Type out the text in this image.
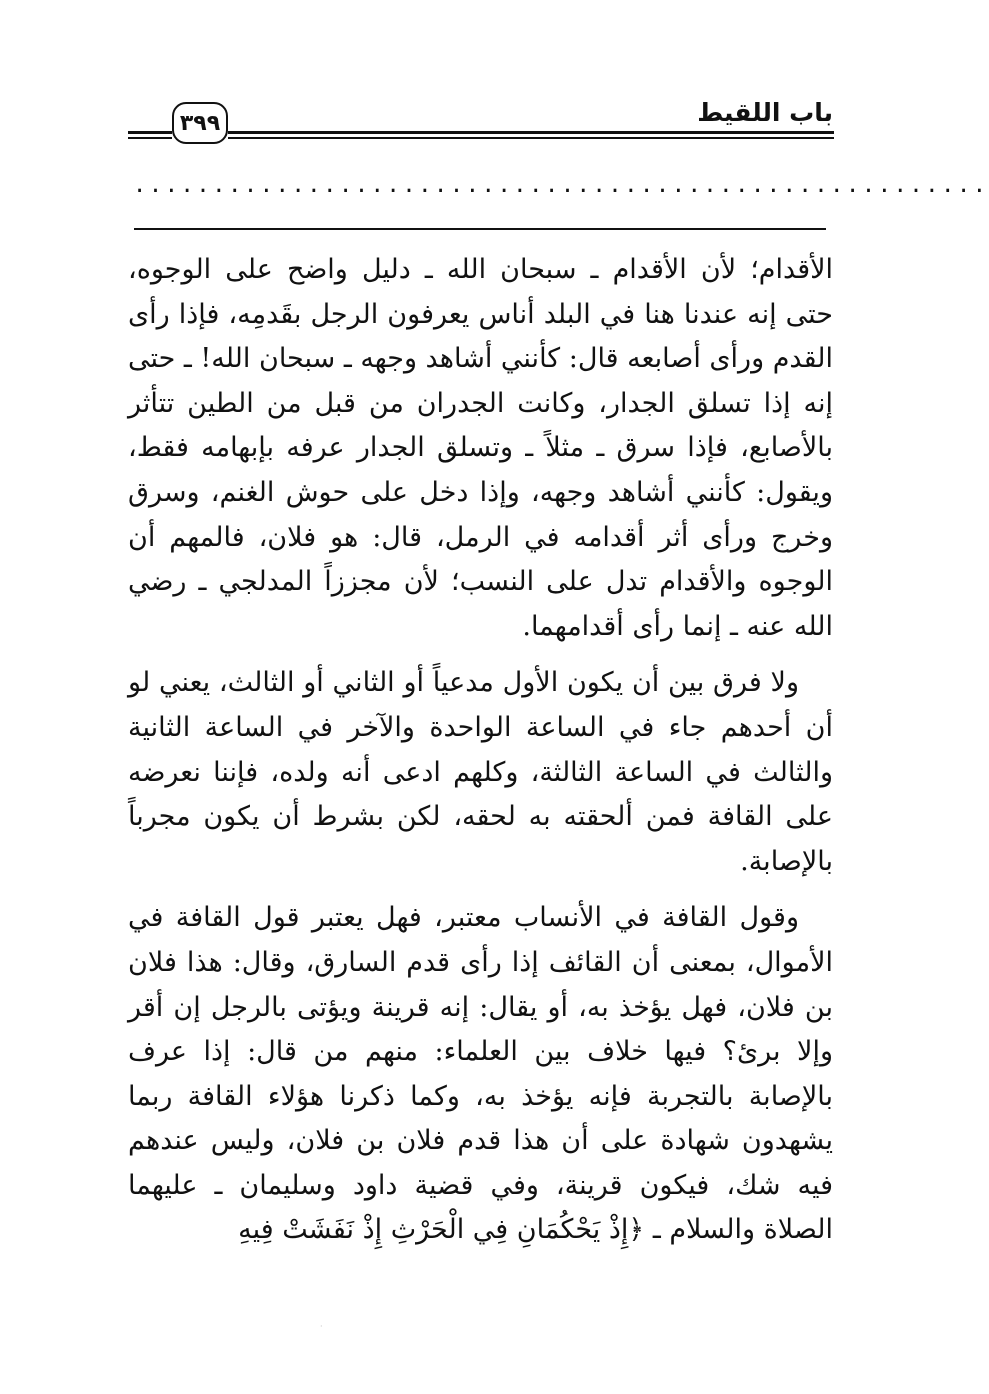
باب اللقيط
٣٩٩
......................................................

الأقدام؛ لأن الأقدام ـ سبحان الله ـ دليل واضح على الوجوه، حتى إنه عندنا هنا في البلد أناس يعرفون الرجل بقَدمِه، فإذا رأى القدم ورأى أصابعه قال: كأنني أشاهد وجهه ـ سبحان الله! ـ حتى إنه إذا تسلق الجدار، وكانت الجدران من قبل من الطين تتأثر بالأصابع، فإذا سرق ـ مثلاً ـ وتسلق الجدار عرفه بإبهامه فقط، ويقول: كأنني أشاهد وجهه، وإذا دخل على حوش الغنم، وسرق وخرج ورأى أثر أقدامه في الرمل، قال: هو فلان، فالمهم أن الوجوه والأقدام تدل على النسب؛ لأن مجززاً المدلجي ـ رضي الله عنه ـ إنما رأى أقدامهما.

ولا فرق بين أن يكون الأول مدعياً أو الثاني أو الثالث، يعني لو أن أحدهم جاء في الساعة الواحدة والآخر في الساعة الثانية والثالث في الساعة الثالثة، وكلهم ادعى أنه ولده، فإننا نعرضه على القافة فمن ألحقته به لحقه، لكن بشرط أن يكون مجرباً بالإصابة.

وقول القافة في الأنساب معتبر، فهل يعتبر قول القافة في الأموال، بمعنى أن القائف إذا رأى قدم السارق، وقال: هذا فلان بن فلان، فهل يؤخذ به، أو يقال: إنه قرينة ويؤتى بالرجل إن أقر وإلا برئ؟ فيها خلاف بين العلماء: منهم من قال: إذا عرف بالإصابة بالتجربة فإنه يؤخذ به، وكما ذكرنا هؤلاء القافة ربما يشهدون شهادة على أن هذا قدم فلان بن فلان، وليس عندهم فيه شك، فيكون قرينة، وفي قضية داود وسليمان ـ عليهما الصلاة والسلام ـ ﴿إِذْ يَحْكُمَانِ فِي الْحَرْثِ إِذْ نَفَشَتْ فِيهِ

·
